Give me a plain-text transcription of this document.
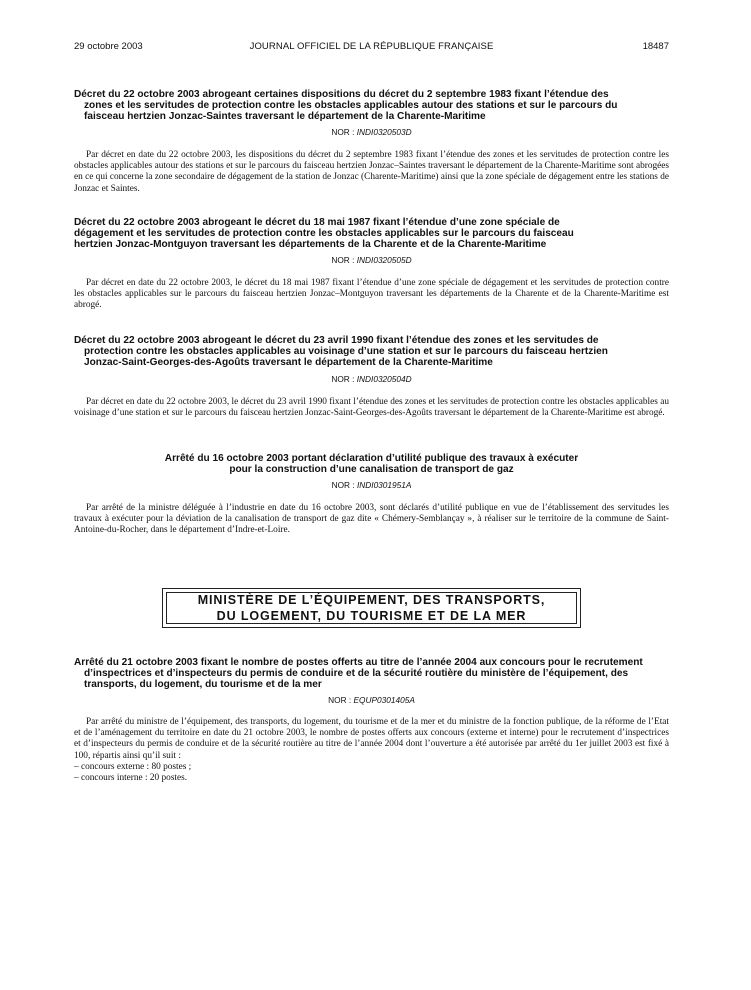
29 octobre 2003	JOURNAL OFFICIEL DE LA RÉPUBLIQUE FRANÇAISE	18487
Décret du 22 octobre 2003 abrogeant certaines dispositions du décret du 2 septembre 1983 fixant l’étendue des
zones et les servitudes de protection contre les obstacles applicables autour des stations et sur le parcours du
faisceau hertzien Jonzac-Saintes traversant le département de la Charente-Maritime
NOR : INDI0320503D

Par décret en date du 22 octobre 2003, les dispositions du décret du 2 septembre 1983 fixant l’étendue des zones et les servitudes de protection contre les obstacles applicables autour des stations et sur le parcours du faisceau hertzien Jonzac–Saintes traversant le département de la Charente-Maritime sont abrogées en ce qui concerne la zone secondaire de dégagement de la station de Jonzac (Charente-Maritime) ainsi que la zone spéciale de dégagement entre les stations de Jonzac et Saintes.

Décret du 22 octobre 2003 abrogeant le décret du 18 mai 1987 fixant l’étendue d’une zone spéciale de
dégagement et les servitudes de protection contre les obstacles applicables sur le parcours du faisceau
hertzien Jonzac-Montguyon traversant les départements de la Charente et de la Charente-Maritime
NOR : INDI0320505D

Par décret en date du 22 octobre 2003, le décret du 18 mai 1987 fixant l’étendue d’une zone spéciale de dégagement et les servitudes de protection contre les obstacles applicables sur le parcours du faisceau hertzien Jonzac–Montguyon traversant les départements de la Charente et de la Charente-Maritime est abrogé.

Décret du 22 octobre 2003 abrogeant le décret du 23 avril 1990 fixant l’étendue des zones et les servitudes de
protection contre les obstacles applicables au voisinage d’une station et sur le parcours du faisceau hertzien
Jonzac-Saint-Georges-des-Agoûts traversant le département de la Charente-Maritime
NOR : INDI0320504D

Par décret en date du 22 octobre 2003, le décret du 23 avril 1990 fixant l’étendue des zones et les servitudes de protection contre les obstacles applicables au voisinage d’une station et sur le parcours du faisceau hertzien Jonzac-Saint-Georges-des-Agoûts traversant le département de la Charente-Maritime est abrogé.

Arrêté du 16 octobre 2003 portant déclaration d’utilité publique des travaux à exécuter
pour la construction d’une canalisation de transport de gaz
NOR : INDI0301951A

Par arrêté de la ministre déléguée à l’industrie en date du 16 octobre 2003, sont déclarés d’utilité publique en vue de l’établissement des servitudes les travaux à exécuter pour la déviation de la canalisation de transport de gaz dite « Chémery-Semblançay », à réaliser sur le territoire de la commune de Saint-Antoine-du-Rocher, dans le département d’Indre-et-Loire.

MINISTÈRE DE L’ÉQUIPEMENT, DES TRANSPORTS,
DU LOGEMENT, DU TOURISME ET DE LA MER
Arrêté du 21 octobre 2003 fixant le nombre de postes offerts au titre de l’année 2004 aux concours pour le recrutement
d’inspectrices et d’inspecteurs du permis de conduire et de la sécurité routière du ministère de l’équipement, des
transports, du logement, du tourisme et de la mer
NOR : EQUP0301405A

Par arrêté du ministre de l’équipement, des transports, du logement, du tourisme et de la mer et du ministre de la fonction publique, de la réforme de l’Etat et de l’aménagement du territoire en date du 21 octobre 2003, le nombre de postes offerts aux concours (externe et interne) pour le recrutement d’inspectrices et d’inspecteurs du permis de conduire et de la sécurité routière au titre de l’année 2004 dont l’ouverture a été autorisée par arrêté du 1er juillet 2003 est fixé à 100, répartis ainsi qu’il suit :

– concours externe : 80 postes ;
– concours interne : 20 postes.
